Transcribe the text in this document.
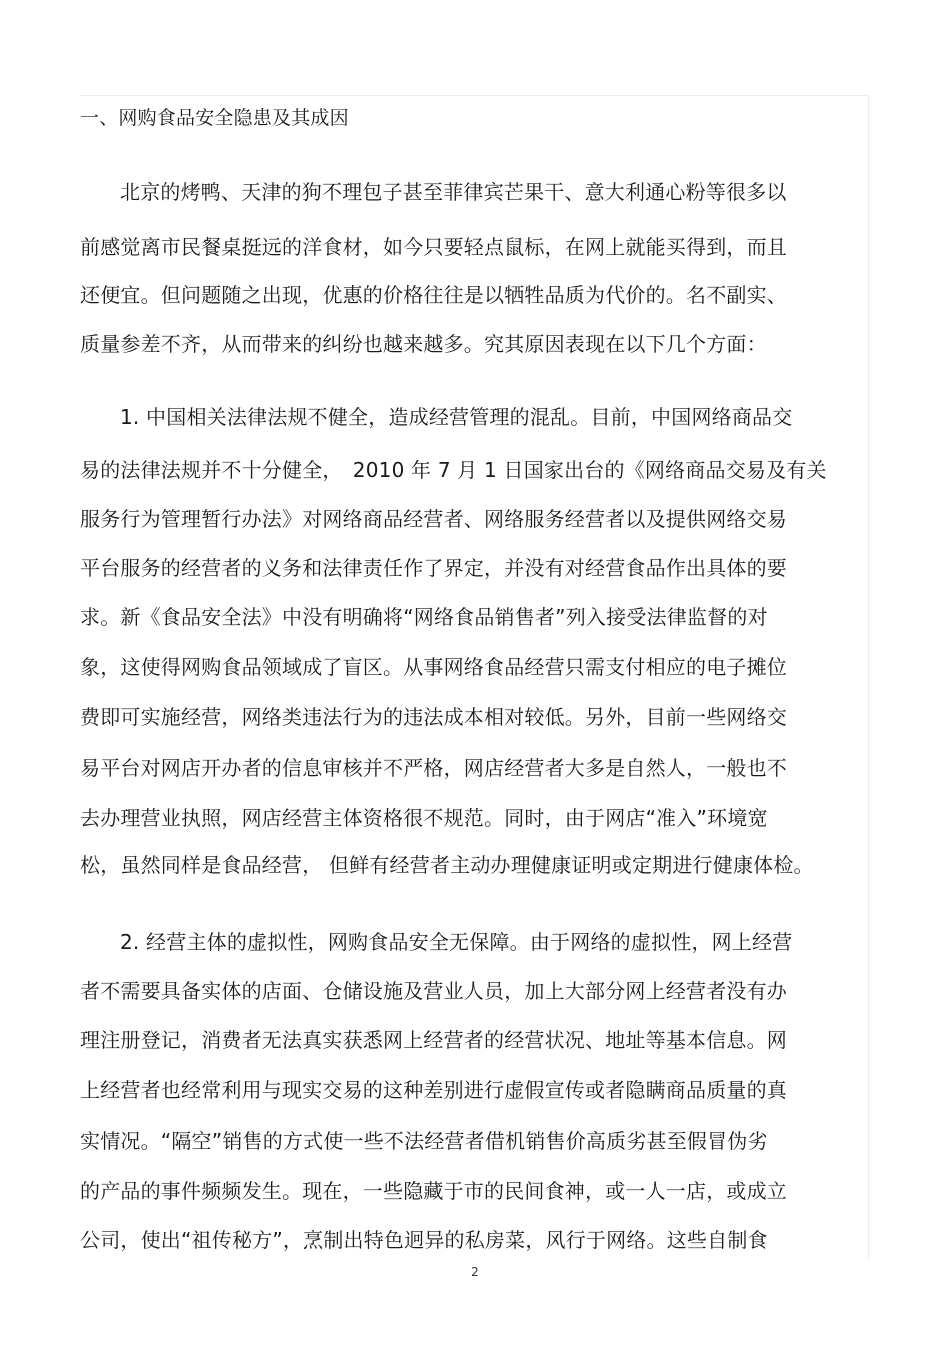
一、网购食品安全隐患及其成因
北京的烤鸭、天津的狗不理包子甚至菲律宾芒果干、意大利通心粉等很多以
前感觉离市民餐桌挺远的洋食材，如今只要轻点鼠标，在网上就能买得到，而且
还便宜。但问题随之出现，优惠的价格往往是以牺牲品质为代价的。名不副实、
质量参差不齐，从而带来的纠纷也越来越多。究其原因表现在以下几个方面：
1. 中国相关法律法规不健全，造成经营管理的混乱。目前，中国网络商品交
易的法律法规并不十分健全，　2010 年 7 月 1 日国家出台的《网络商品交易及有关
服务行为管理暂行办法》对网络商品经营者、网络服务经营者以及提供网络交易
平台服务的经营者的义务和法律责任作了界定，并没有对经营食品作出具体的要
求。新《食品安全法》中没有明确将“网络食品销售者”列入接受法律监督的对
象，这使得网购食品领域成了盲区。从事网络食品经营只需支付相应的电子摊位
费即可实施经营，网络类违法行为的违法成本相对较低。另外，目前一些网络交
易平台对网店开办者的信息审核并不严格，网店经营者大多是自然人，一般也不
去办理营业执照，网店经营主体资格很不规范。同时，由于网店“准入”环境宽
松，虽然同样是食品经营， 但鲜有经营者主动办理健康证明或定期进行健康体检。
2. 经营主体的虚拟性，网购食品安全无保障。由于网络的虚拟性，网上经营
者不需要具备实体的店面、仓储设施及营业人员，加上大部分网上经营者没有办
理注册登记，消费者无法真实获悉网上经营者的经营状况、地址等基本信息。网
上经营者也经常利用与现实交易的这种差别进行虚假宣传或者隐瞒商品质量的真
实情况。“隔空”销售的方式使一些不法经营者借机销售价高质劣甚至假冒伪劣
的产品的事件频频发生。现在，一些隐藏于市的民间食神，或一人一店，或成立
公司，使出“祖传秘方”，烹制出特色迥异的私房菜，风行于网络。这些自制食
2
